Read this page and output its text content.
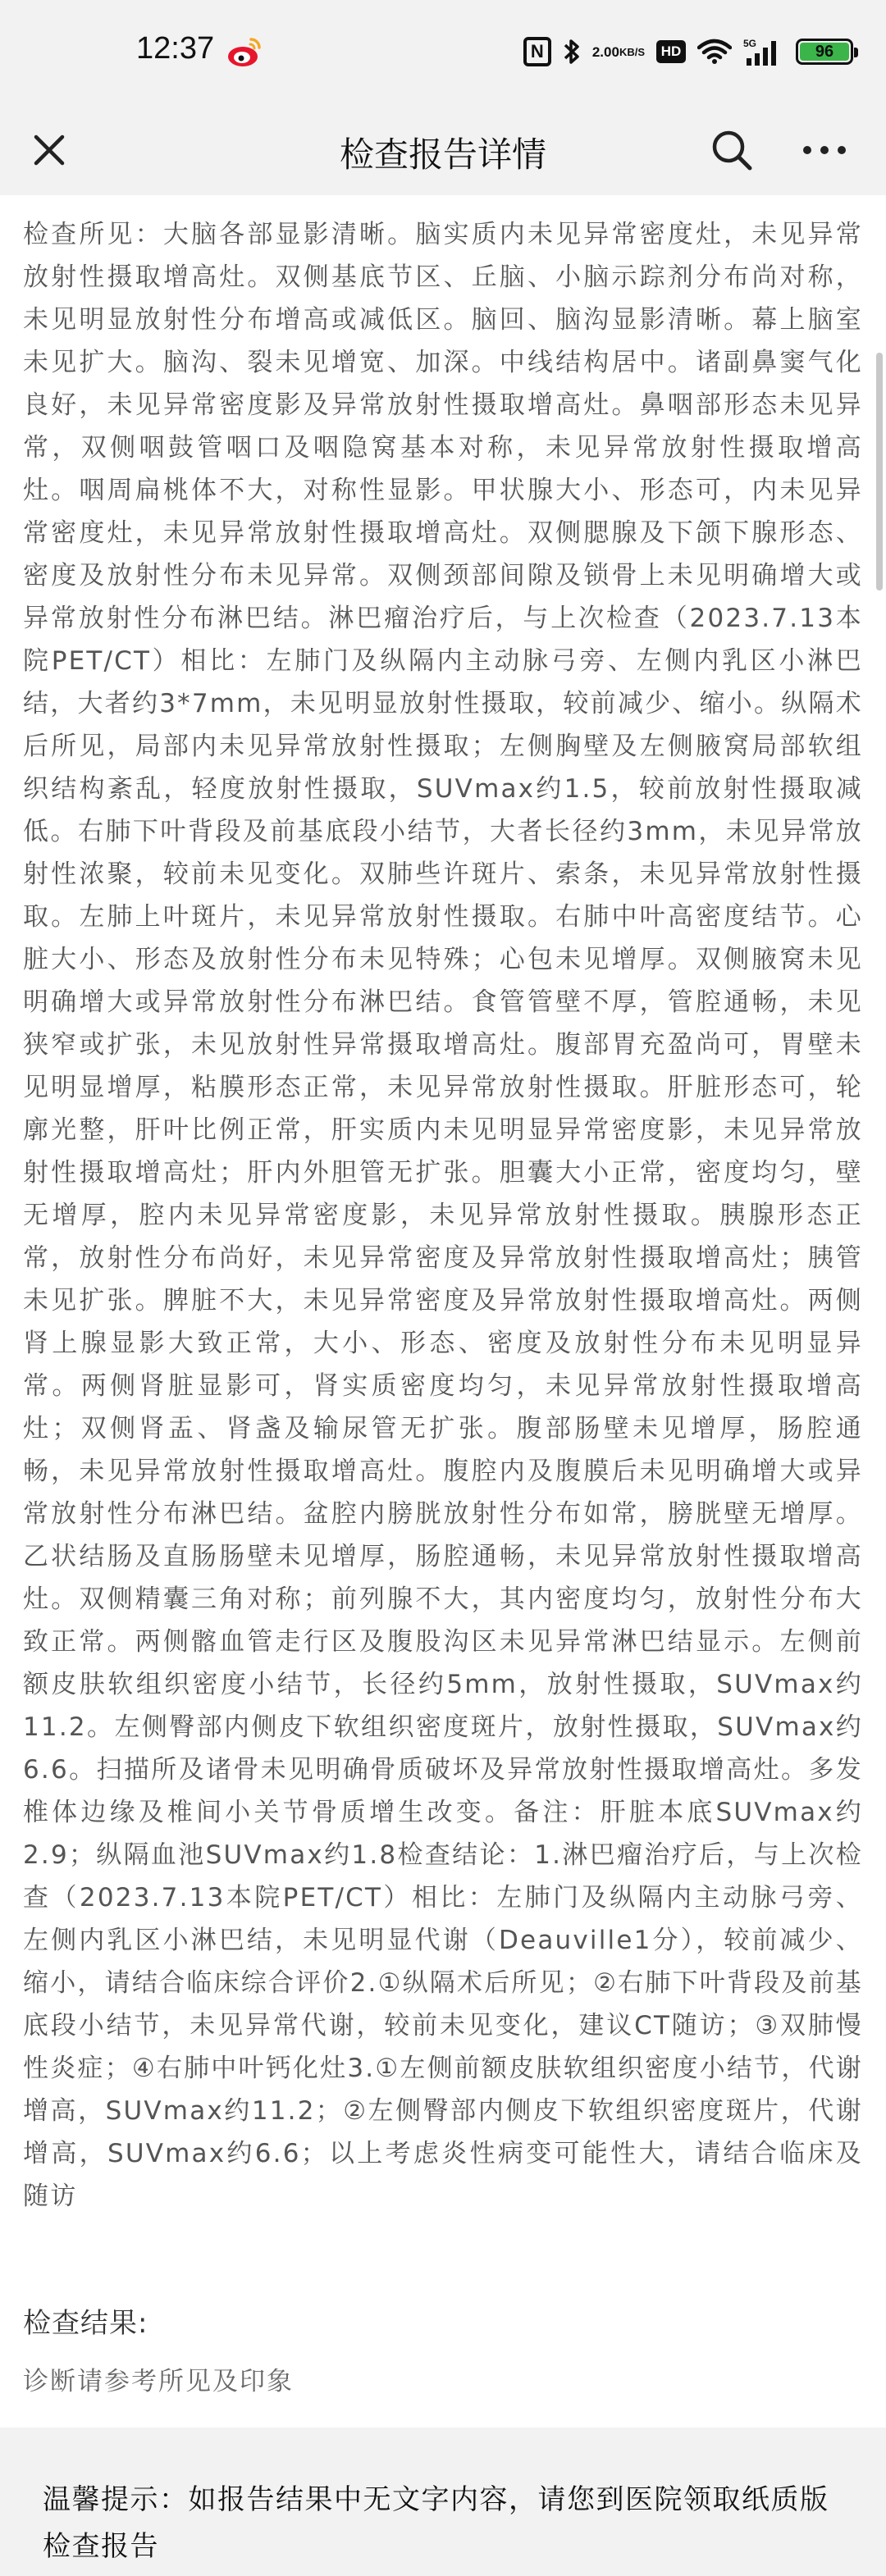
12:37	N	2.00 KB/S	HD	5G	96
检查所见：大脑各部显影清晰。脑实质内未见异常密度灶，未见异常放射性摄取增高灶。双侧基底节区、丘脑、小脑示踪剂分布尚对称，未见明显放射性分布增高或减低区。脑回、脑沟显影清晰。幕上脑室未见扩大。脑沟、裂未见增宽、加深。中线结构居中。诸副鼻窦气化良好，未见异常密度影及异常放射性摄取增高灶。鼻咽部形态未见异常，双侧咽鼓管咽口及咽隐窝基本对称，未见异常放射性摄取增高灶。咽周扁桃体不大，对称性显影。甲状腺大小、形态可，内未见异常密度灶，未见异常放射性摄取增高灶。双侧腮腺及下颌下腺形态、密度及放射性分布未见异常。双侧颈部间隙及锁骨上未见明确增大或异常放射性分布淋巴结。淋巴瘤治疗后，与上次检查（2023.7.13本院PET/CT）相比：左肺门及纵隔内主动脉弓旁、左侧内乳区小淋巴结，大者约3*7mm，未见明显放射性摄取，较前减少、缩小。纵隔术后所见，局部内未见异常放射性摄取；左侧胸壁及左侧腋窝局部软组织结构紊乱，轻度放射性摄取，SUVmax约1.5，较前放射性摄取减低。右肺下叶背段及前基底段小结节，大者长径约3mm，未见异常放射性浓聚，较前未见变化。双肺些许斑片、索条，未见异常放射性摄取。左肺上叶斑片，未见异常放射性摄取。右肺中叶高密度结节。心脏大小、形态及放射性分布未见特殊；心包未见增厚。双侧腋窝未见明确增大或异常放射性分布淋巴结。食管管壁不厚，管腔通畅，未见狭窄或扩张，未见放射性异常摄取增高灶。腹部胃充盈尚可，胃壁未见明显增厚，粘膜形态正常，未见异常放射性摄取。肝脏形态可，轮廓光整，肝叶比例正常，肝实质内未见明显异常密度影，未见异常放射性摄取增高灶；肝内外胆管无扩张。胆囊大小正常，密度均匀，壁无增厚，腔内未见异常密度影，未见异常放射性摄取。胰腺形态正常，放射性分布尚好，未见异常密度及异常放射性摄取增高灶；胰管未见扩张。脾脏不大，未见异常密度及异常放射性摄取增高灶。两侧肾上腺显影大致正常，大小、形态、密度及放射性分布未见明显异常。两侧肾脏显影可，肾实质密度均匀，未见异常放射性摄取增高灶；双侧肾盂、肾盏及输尿管无扩张。腹部肠壁未见增厚，肠腔通畅，未见异常放射性摄取增高灶。腹腔内及腹膜后未见明确增大或异常放射性分布淋巴结。盆腔内膀胱放射性分布如常，膀胱壁无增厚。乙状结肠及直肠肠壁未见增厚，肠腔通畅，未见异常放射性摄取增高灶。双侧精囊三角对称；前列腺不大，其内密度均匀，放射性分布大致正常。两侧髂血管走行区及腹股沟区未见异常淋巴结显示。左侧前额皮肤软组织密度小结节，长径约5mm，放射性摄取，SUVmax约11.2。左侧臀部内侧皮下软组织密度斑片，放射性摄取，SUVmax约6.6。扫描所及诸骨未见明确骨质破坏及异常放射性摄取增高灶。多发椎体边缘及椎间小关节骨质增生改变。备注：肝脏本底SUVmax约2.9；纵隔血池SUVmax约1.8检查结论：1.淋巴瘤治疗后，与上次检查（2023.7.13本院PET/CT）相比：左肺门及纵隔内主动脉弓旁、左侧内乳区小淋巴结，未见明显代谢（Deauville1分），较前减少、缩小，请结合临床综合评价2.①纵隔术后所见；②右肺下叶背段及前基底段小结节，未见异常代谢，较前未见变化，建议CT随访；③双肺慢性炎症；④右肺中叶钙化灶3.①左侧前额皮肤软组织密度小结节，代谢增高，SUVmax约11.2；②左侧臀部内侧皮下软组织密度斑片，代谢增高，SUVmax约6.6；以上考虑炎性病变可能性大，请结合临床及随访
检查结果:
诊断请参考所见及印象
检查报告详情
温馨提示：如报告结果中无文字内容，请您到医院领取纸质版检查报告
